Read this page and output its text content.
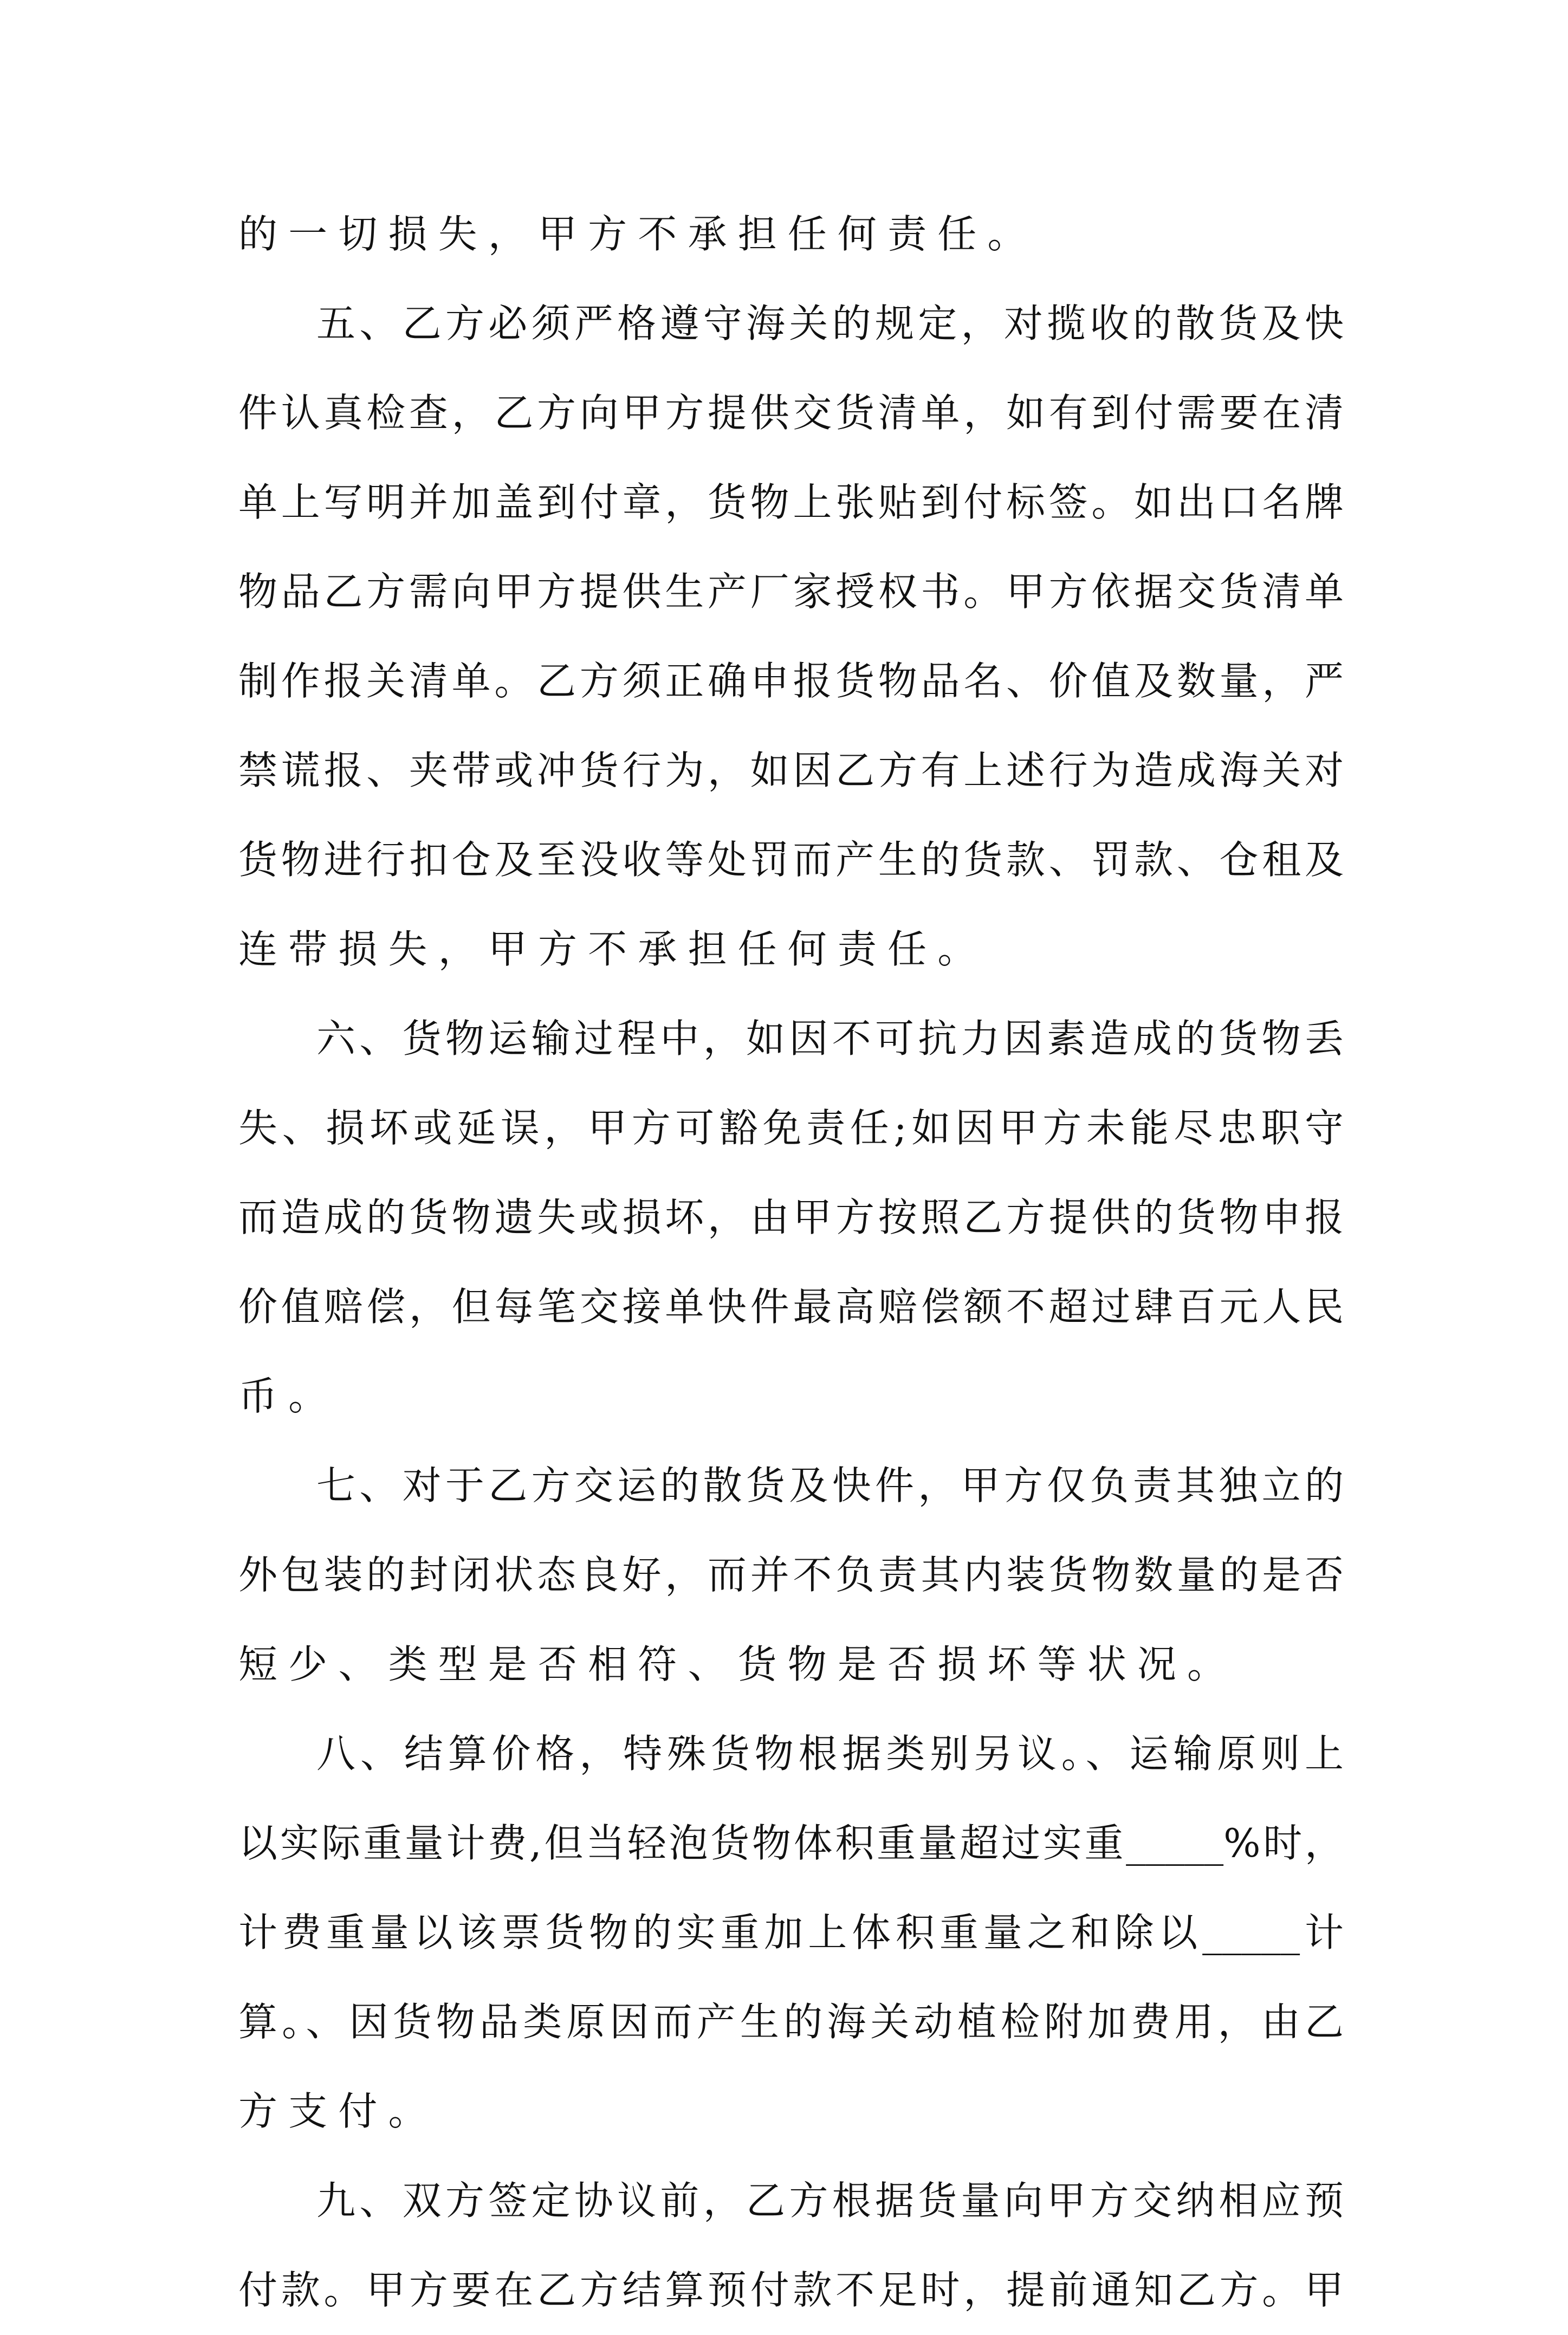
的一切损失，甲方不承担任何责任。
五、乙方必须严格遵守海关的规定，对揽收的散货及快
件认真检查，乙方向甲方提供交货清单，如有到付需要在清
单上写明并加盖到付章，货物上张贴到付标签。如出口名牌
物品乙方需向甲方提供生产厂家授权书。甲方依据交货清单
制作报关清单。乙方须正确申报货物品名、价值及数量，严
禁谎报、夹带或冲货行为，如因乙方有上述行为造成海关对
货物进行扣仓及至没收等处罚而产生的货款、罚款、仓租及
连带损失，甲方不承担任何责任。
六、货物运输过程中，如因不可抗力因素造成的货物丢
失、损坏或延误，甲方可豁免责任;如因甲方未能尽忠职守
而造成的货物遗失或损坏，由甲方按照乙方提供的货物申报
价值赔偿，但每笔交接单快件最高赔偿额不超过肆百元人民
币。
七、对于乙方交运的散货及快件，甲方仅负责其独立的
外包装的封闭状态良好，而并不负责其内装货物数量的是否
短少、类型是否相符、货物是否损坏等状况。
八、结算价格，特殊货物根据类别另议。、运输原则上
以实际重量计费,但当轻泡货物体积重量超过实重_____%时，
计费重量以该票货物的实重加上体积重量之和除以_____计
算。、因货物品类原因而产生的海关动植检附加费用，由乙
方支付。
九、双方签定协议前，乙方根据货量向甲方交纳相应预
付款。甲方要在乙方结算预付款不足时，提前通知乙方。甲
